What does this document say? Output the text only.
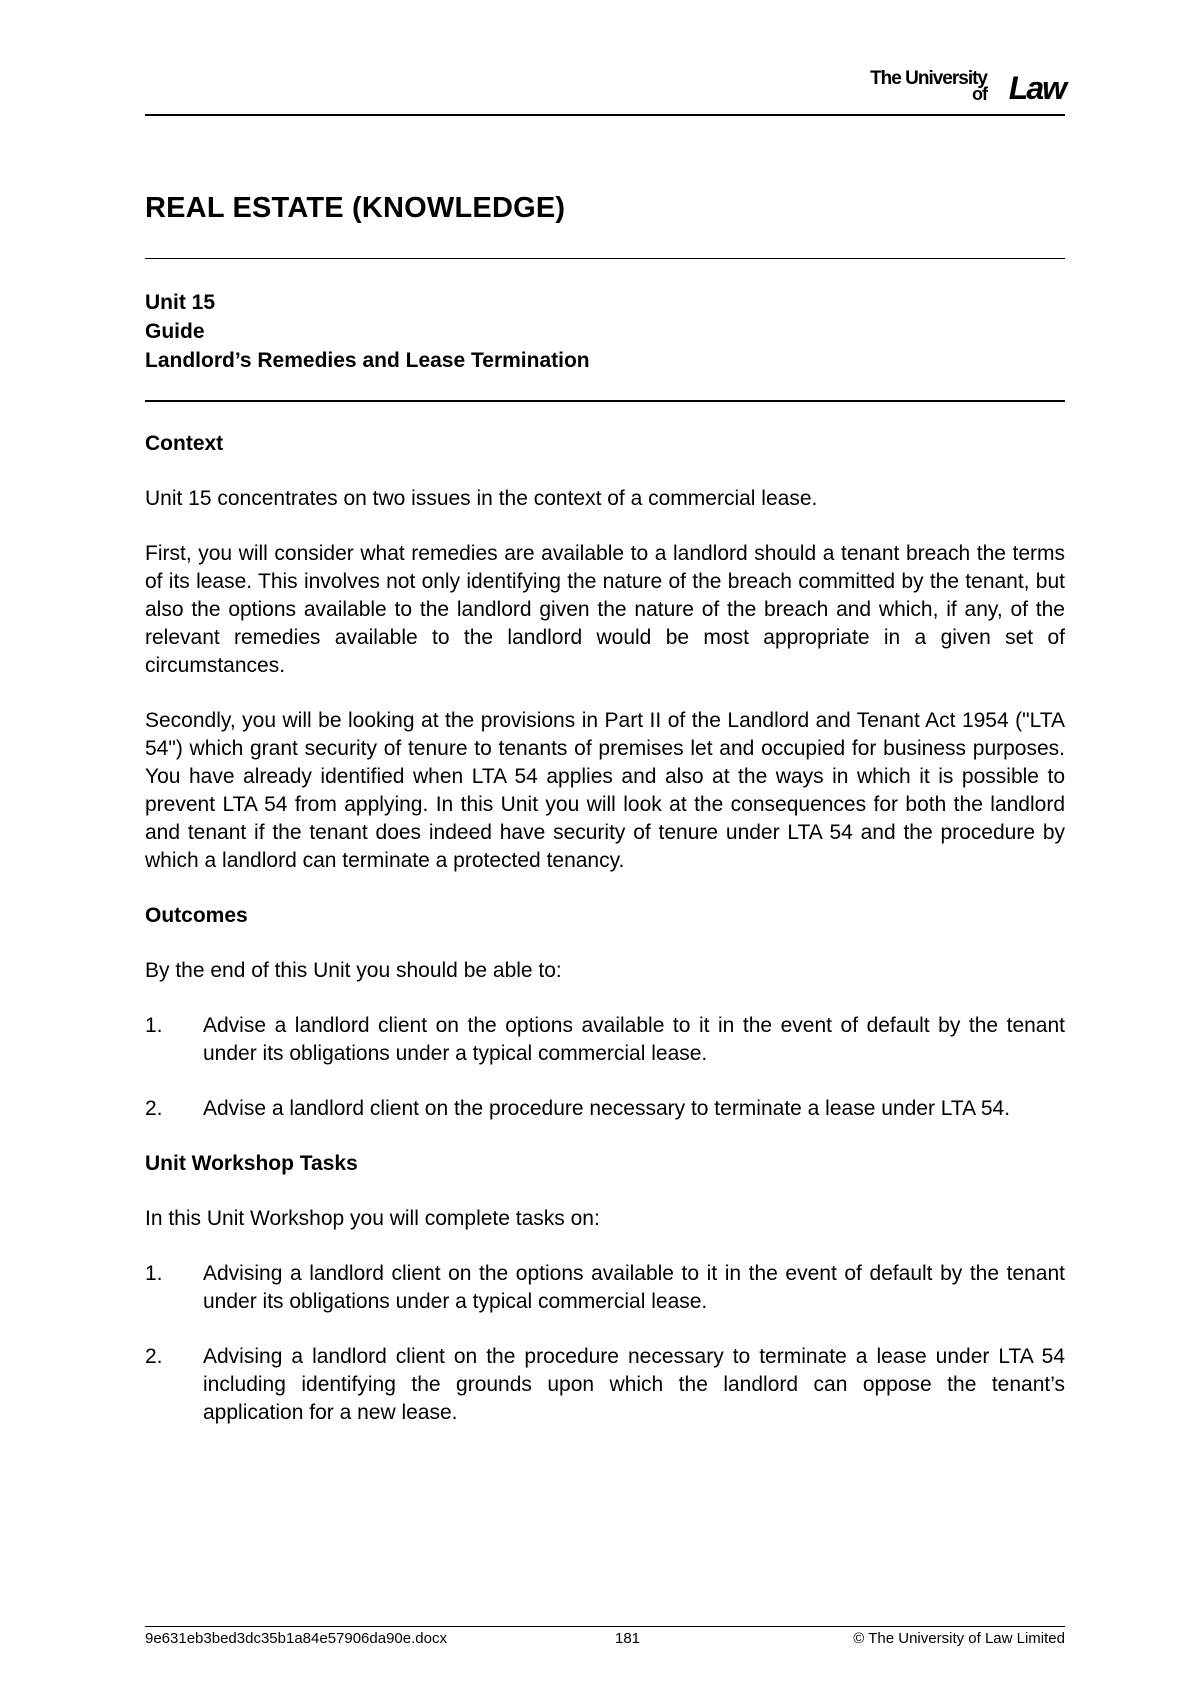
The University
of Law
REAL ESTATE (KNOWLEDGE)
Unit 15
Guide
Landlord’s Remedies and Lease Termination
Context

Unit 15 concentrates on two issues in the context of a commercial lease.

First, you will consider what remedies are available to a landlord should a tenant breach the terms of its lease. This involves not only identifying the nature of the breach committed by the tenant, but also the options available to the landlord given the nature of the breach and which, if any, of the relevant remedies available to the landlord would be most appropriate in a given set of circumstances.

Secondly, you will be looking at the provisions in Part II of the Landlord and Tenant Act 1954 ("LTA 54") which grant security of tenure to tenants of premises let and occupied for business purposes. You have already identified when LTA 54 applies and also at the ways in which it is possible to prevent LTA 54 from applying. In this Unit you will look at the consequences for both the landlord and tenant if the tenant does indeed have security of tenure under LTA 54 and the procedure by which a landlord can terminate a protected tenancy.

Outcomes

By the end of this Unit you should be able to:

1. Advise a landlord client on the options available to it in the event of default by the tenant under its obligations under a typical commercial lease.
2. Advise a landlord client on the procedure necessary to terminate a lease under LTA 54.
Unit Workshop Tasks

In this Unit Workshop you will complete tasks on:

1. Advising a landlord client on the options available to it in the event of default by the tenant under its obligations under a typical commercial lease.
2. Advising a landlord client on the procedure necessary to terminate a lease under LTA 54 including identifying the grounds upon which the landlord can oppose the tenant’s application for a new lease.
9e631eb3bed3dc35b1a84e57906da90e.docx	181	© The University of Law Limited
